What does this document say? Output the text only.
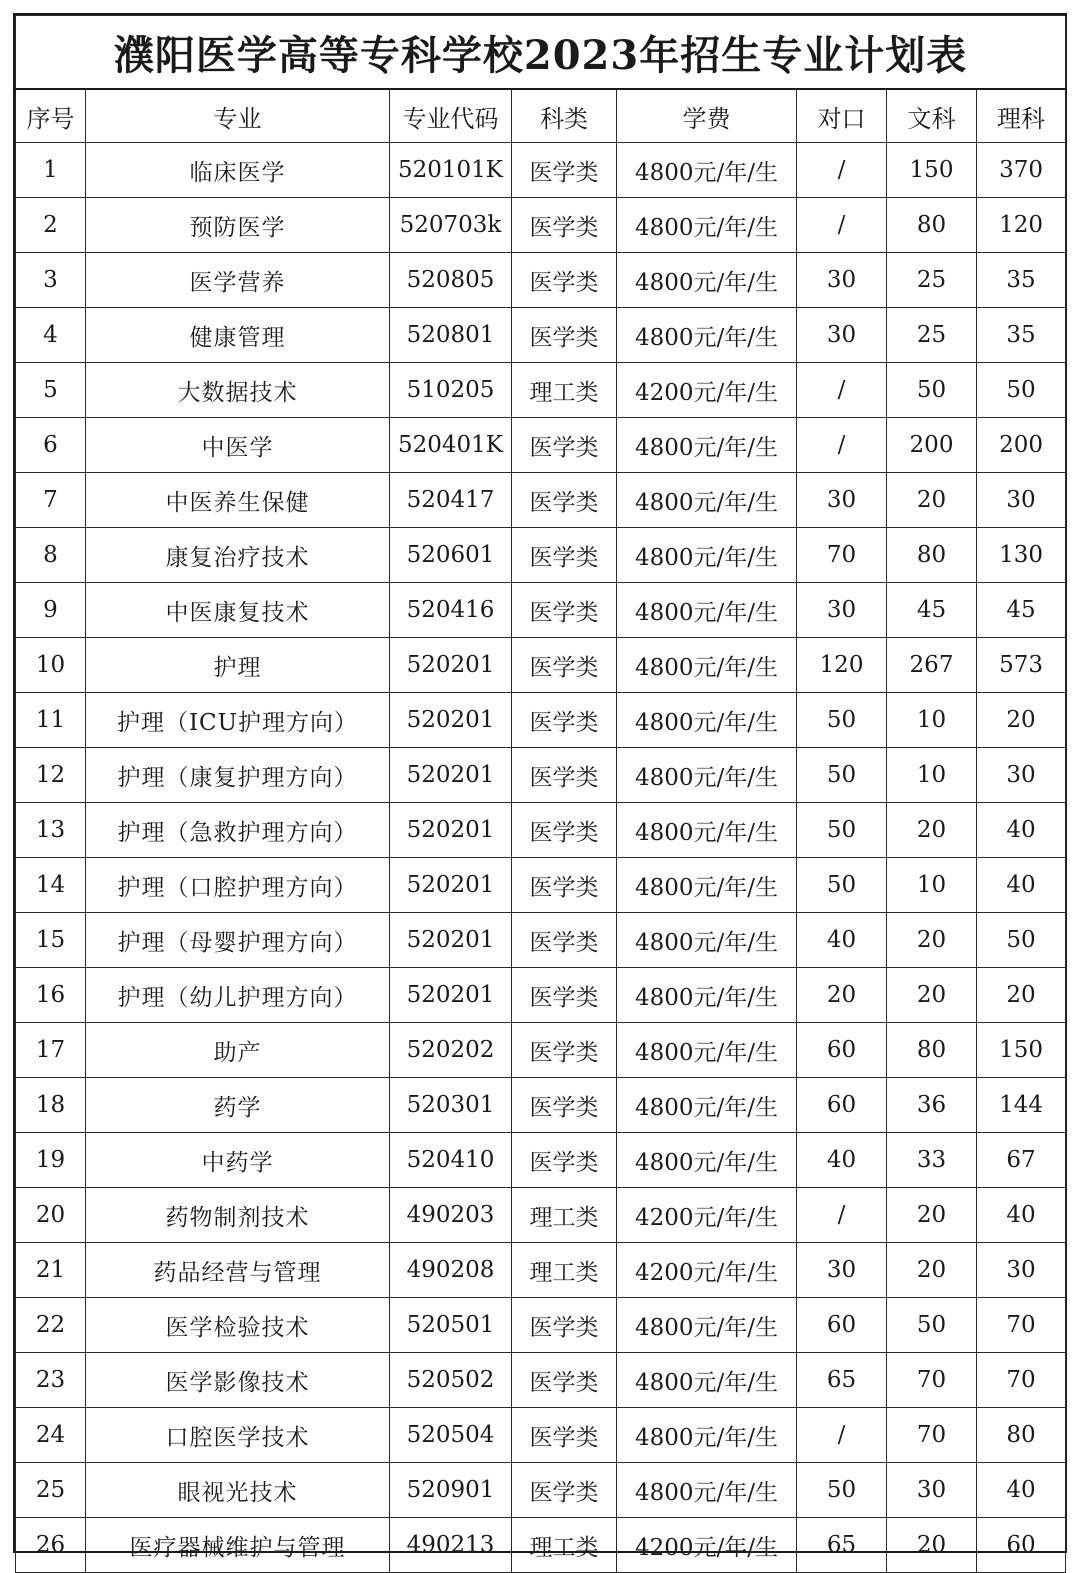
濮阳医学高等专科学校2023年招生专业计划表							
序号	专业	专业代码	科类	学费	对口	文科	理科
1	临床医学	520101K	医学类	4800元/年/生	/	150	370
2	预防医学	520703k	医学类	4800元/年/生	/	80	120
3	医学营养	520805	医学类	4800元/年/生	30	25	35
4	健康管理	520801	医学类	4800元/年/生	30	25	35
5	大数据技术	510205	理工类	4200元/年/生	/	50	50
6	中医学	520401K	医学类	4800元/年/生	/	200	200
7	中医养生保健	520417	医学类	4800元/年/生	30	20	30
8	康复治疗技术	520601	医学类	4800元/年/生	70	80	130
9	中医康复技术	520416	医学类	4800元/年/生	30	45	45
10	护理	520201	医学类	4800元/年/生	120	267	573
11	护理（ICU护理方向）	520201	医学类	4800元/年/生	50	10	20
12	护理（康复护理方向）	520201	医学类	4800元/年/生	50	10	30
13	护理（急救护理方向）	520201	医学类	4800元/年/生	50	20	40
14	护理（口腔护理方向）	520201	医学类	4800元/年/生	50	10	40
15	护理（母婴护理方向）	520201	医学类	4800元/年/生	40	20	50
16	护理（幼儿护理方向）	520201	医学类	4800元/年/生	20	20	20
17	助产	520202	医学类	4800元/年/生	60	80	150
18	药学	520301	医学类	4800元/年/生	60	36	144
19	中药学	520410	医学类	4800元/年/生	40	33	67
20	药物制剂技术	490203	理工类	4200元/年/生	/	20	40
21	药品经营与管理	490208	理工类	4200元/年/生	30	20	30
22	医学检验技术	520501	医学类	4800元/年/生	60	50	70
23	医学影像技术	520502	医学类	4800元/年/生	65	70	70
24	口腔医学技术	520504	医学类	4800元/年/生	/	70	80
25	眼视光技术	520901	医学类	4800元/年/生	50	30	40
26	医疗器械维护与管理	490213	理工类	4200元/年/生	65	20	60
